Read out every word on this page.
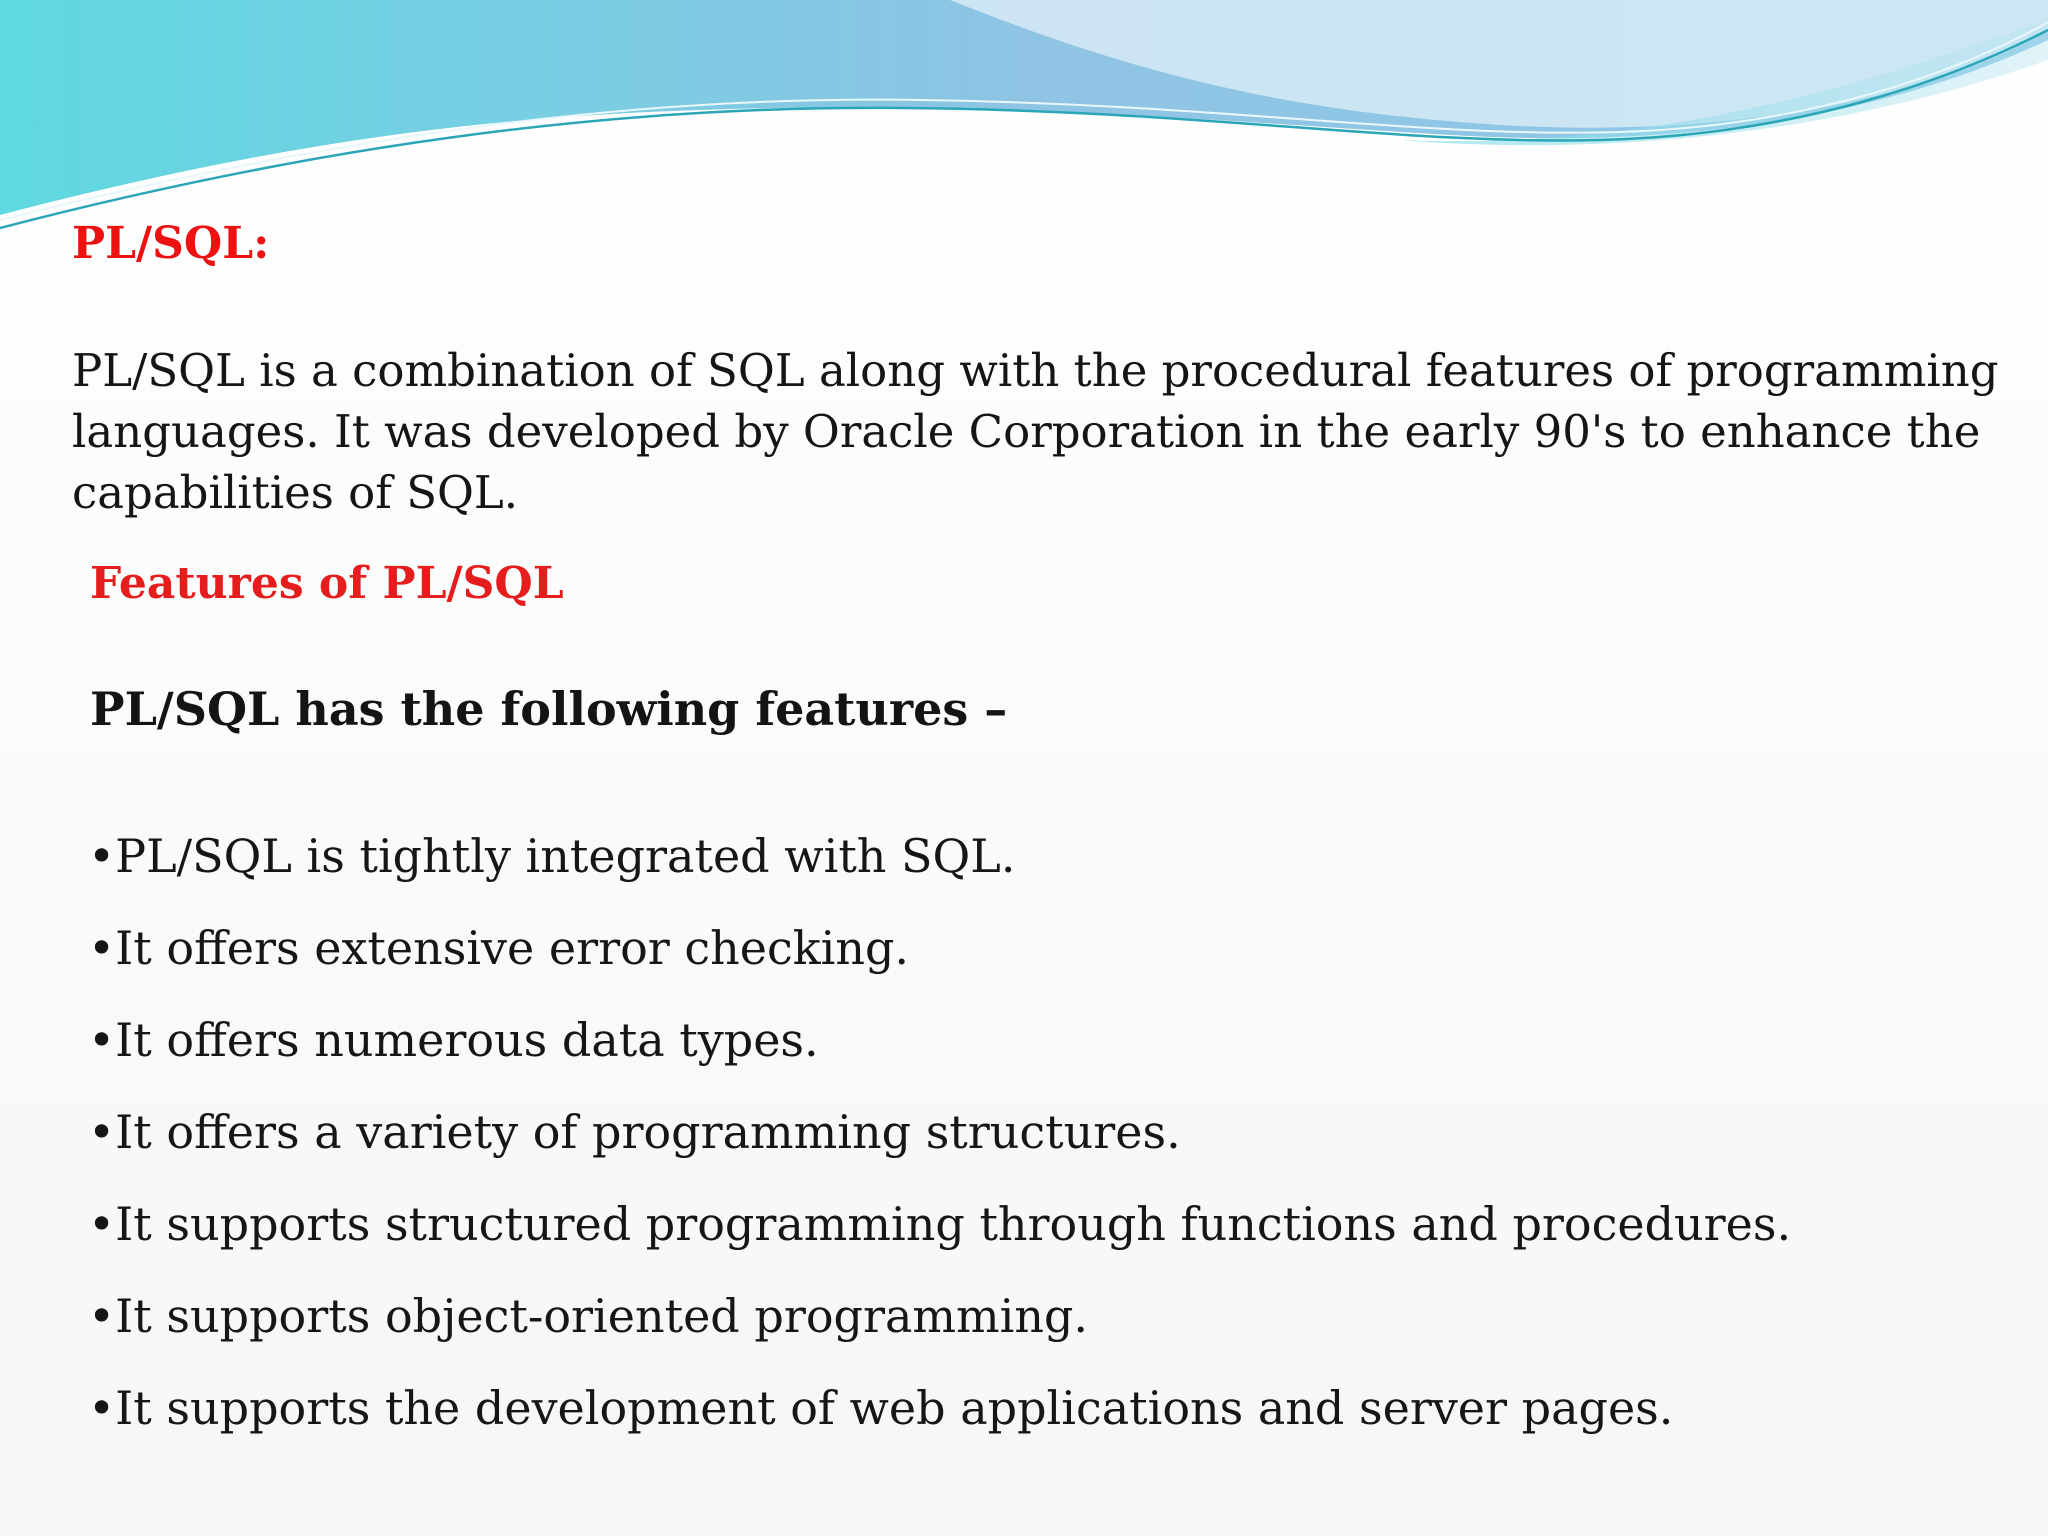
PL/SQL:

PL/SQL is a combination of SQL along with the procedural features of programming languages. It was developed by Oracle Corporation in the early 90's to enhance the capabilities of SQL.

Features of PL/SQL
PL/SQL has the following features –
•PL/SQL is tightly integrated with SQL.
•It offers extensive error checking.
•It offers numerous data types.
•It offers a variety of programming structures.
•It supports structured programming through functions and procedures.
•It supports object-oriented programming.
•It supports the development of web applications and server pages.
